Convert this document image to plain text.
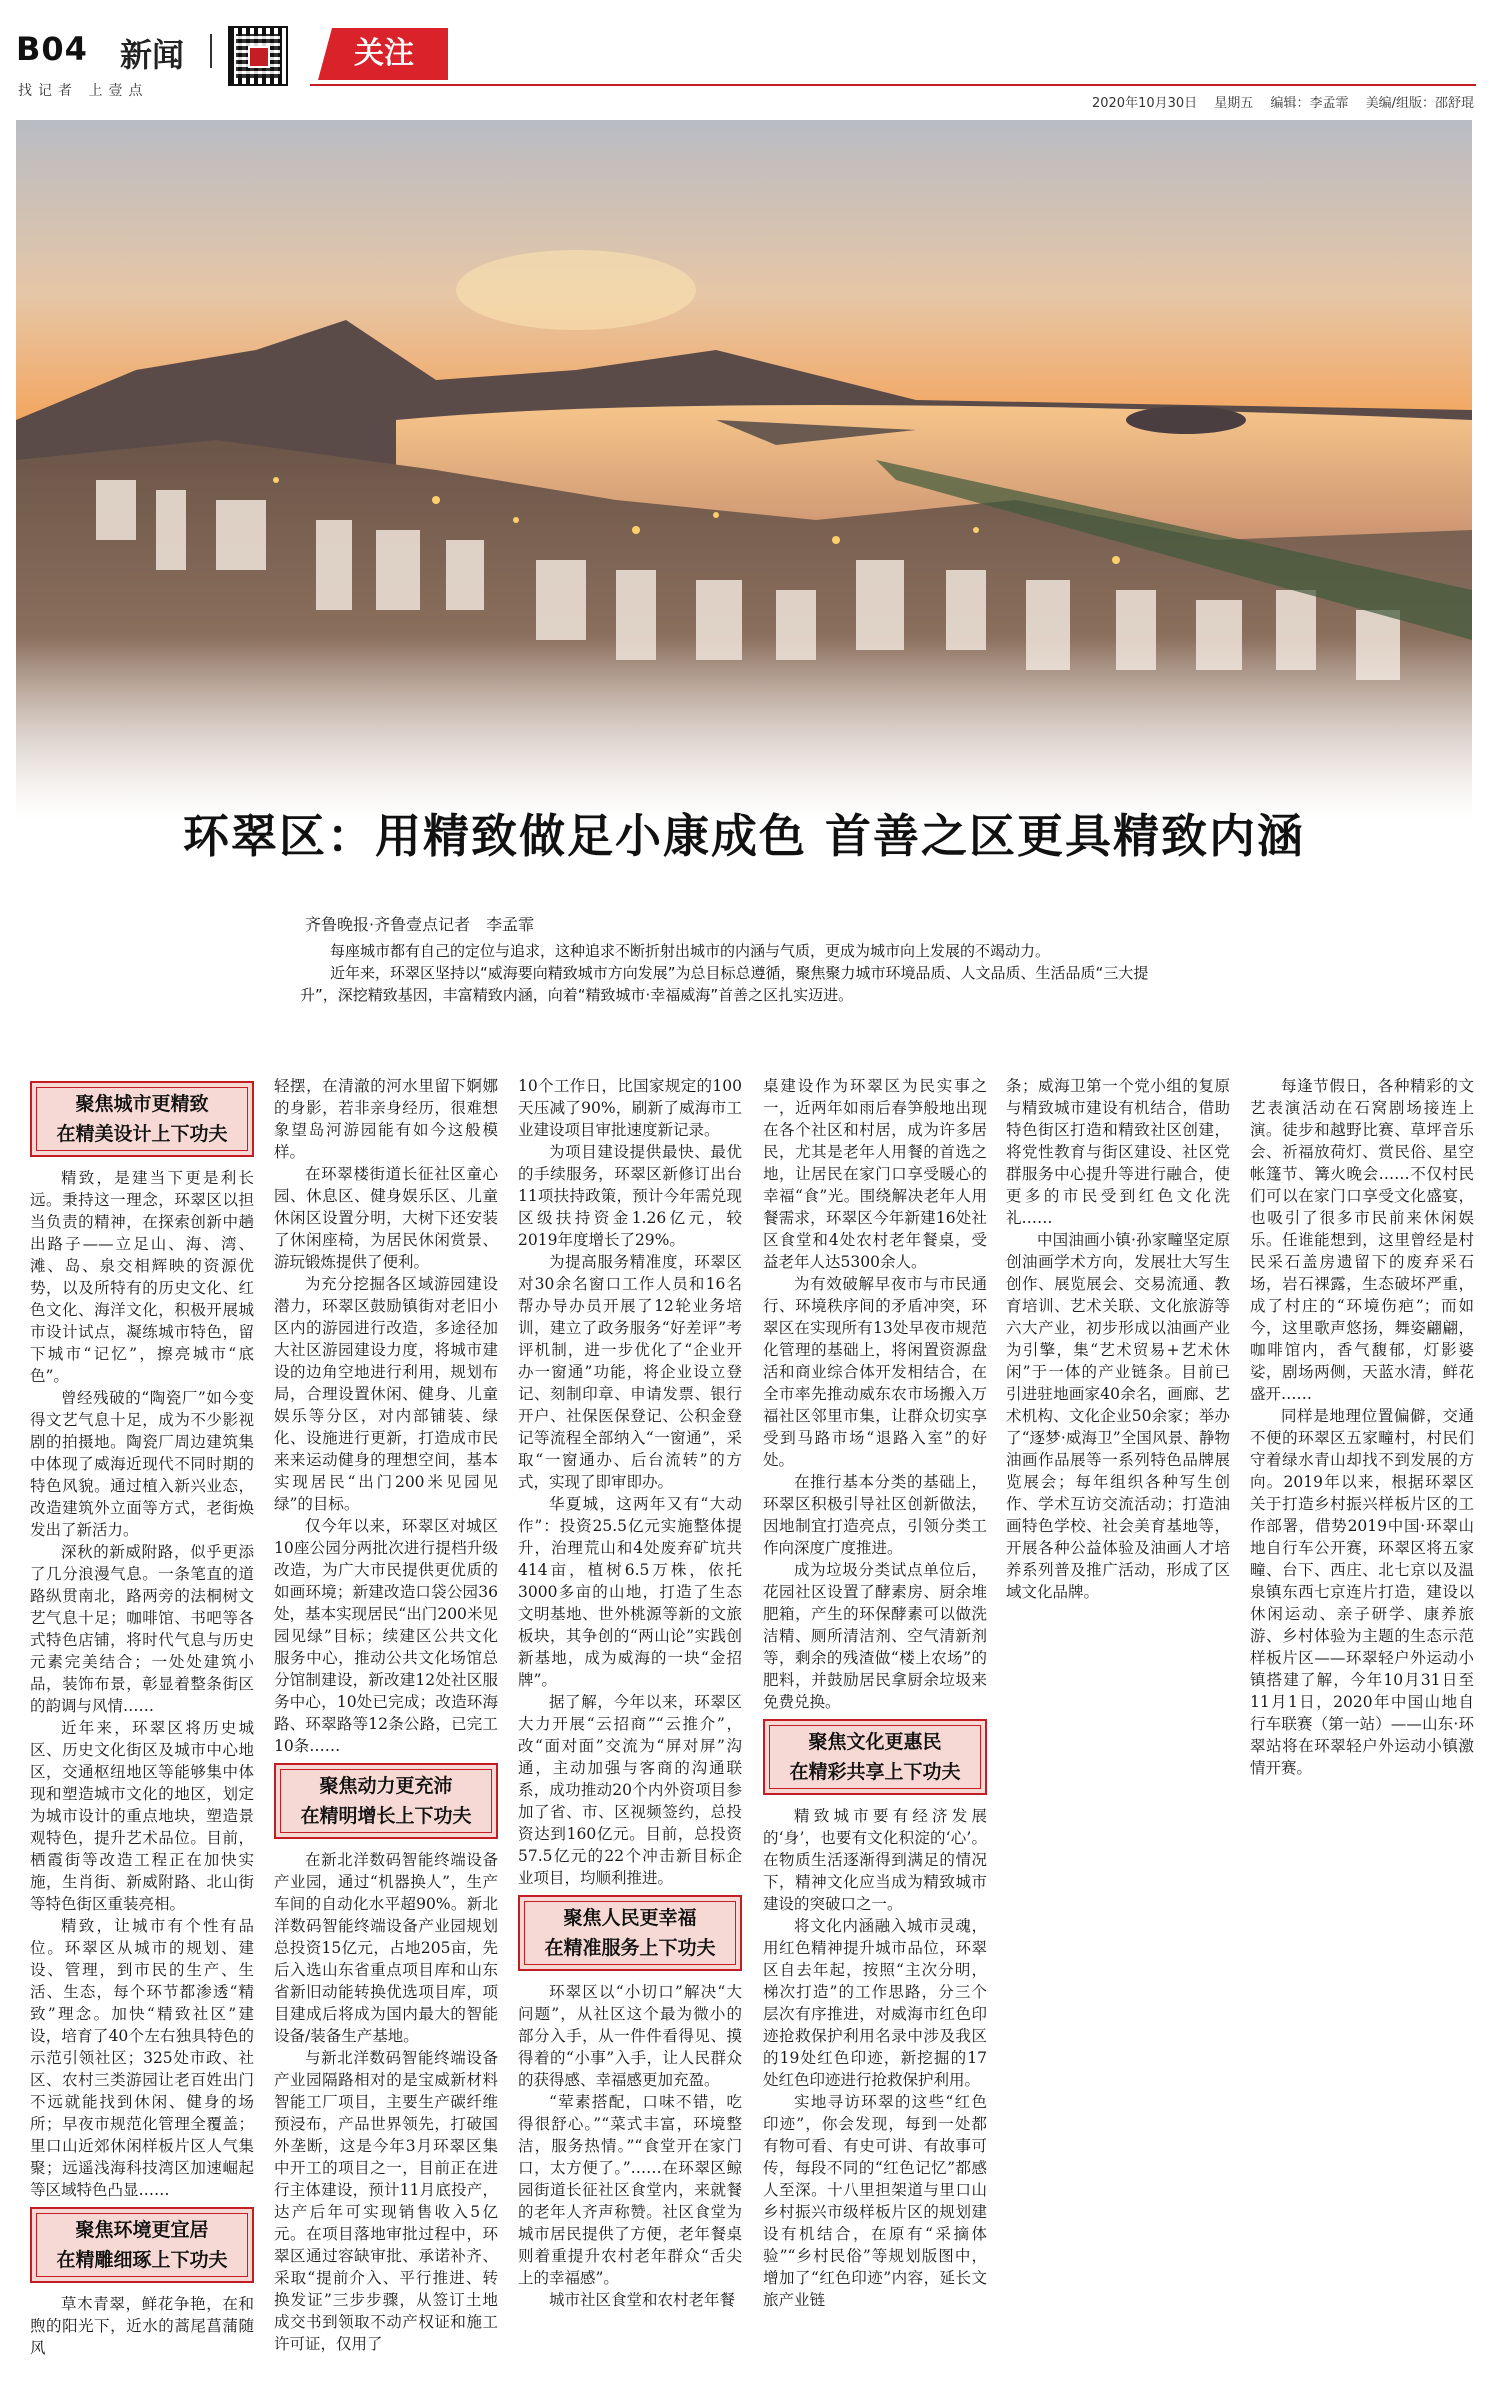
B04 新闻
找记者 上壹点
关注
2020年10月30日　 星期五　 编辑：李孟霏　 美编/组版：邵舒琨
环翠区：用精致做足小康成色 首善之区更具精致内涵
齐鲁晚报·齐鲁壹点记者　李孟霏

每座城市都有自己的定位与追求，这种追求不断折射出城市的内涵与气质，更成为城市向上发展的不竭动力。

近年来，环翠区坚持以“威海要向精致城市方向发展”为总目标总遵循，聚焦聚力城市环境品质、人文品质、生活品质“三大提升”，深挖精致基因，丰富精致内涵，向着“精致城市·幸福威海”首善之区扎实迈进。

聚焦城市更精致
在精美设计上下功夫

精致，是建当下更是利长远。秉持这一理念，环翠区以担当负责的精神，在探索创新中趟出路子——立足山、海、湾、滩、岛、泉交相辉映的资源优势，以及所特有的历史文化、红色文化、海洋文化，积极开展城市设计试点，凝练城市特色，留下城市“记忆”，擦亮城市“底色”。

曾经残破的“陶瓷厂”如今变得文艺气息十足，成为不少影视剧的拍摄地。陶瓷厂周边建筑集中体现了威海近现代不同时期的特色风貌。通过植入新兴业态，改造建筑外立面等方式，老街焕发出了新活力。

深秋的新威附路，似乎更添了几分浪漫气息。一条笔直的道路纵贯南北，路两旁的法桐树文艺气息十足；咖啡馆、书吧等各式特色店铺，将时代气息与历史元素完美结合；一处处建筑小品，装饰布景，彰显着整条街区的韵调与风情……

近年来，环翠区将历史城区、历史文化街区及城市中心地区，交通枢纽地区等能够集中体现和塑造城市文化的地区，划定为城市设计的重点地块，塑造景观特色，提升艺术品位。目前，栖霞街等改造工程正在加快实施，生肖街、新威附路、北山街等特色街区重装亮相。

精致，让城市有个性有品位。环翠区从城市的规划、建设、管理，到市民的生产、生活、生态，每个环节都渗透“精致”理念。加快“精致社区”建设，培育了40个左右独具特色的示范引领社区；325处市政、社区、农村三类游园让老百姓出门不远就能找到休闲、健身的场所；早夜市规范化管理全覆盖；里口山近郊休闲样板片区人气集聚；远遥浅海科技湾区加速崛起等区域特色凸显……

聚焦环境更宜居
在精雕细琢上下功夫

草木青翠，鲜花争艳，在和煦的阳光下，近水的蒿尾菖蒲随风

轻摆，在清澈的河水里留下婀娜的身影，若非亲身经历，很难想象望岛河游园能有如今这般模样。

在环翠楼街道长征社区童心园、休息区、健身娱乐区、儿童休闲区设置分明，大树下还安装了休闲座椅，为居民休闲赏景、游玩锻炼提供了便利。

为充分挖掘各区域游园建设潜力，环翠区鼓励镇街对老旧小区内的游园进行改造，多途径加大社区游园建设力度，将城市建设的边角空地进行利用，规划布局，合理设置休闲、健身、儿童娱乐等分区，对内部铺装、绿化、设施进行更新，打造成市民来来运动健身的理想空间，基本实现居民“出门200米见园见绿”的目标。

仅今年以来，环翠区对城区10座公园分两批次进行提档升级改造，为广大市民提供更优质的如画环境；新建改造口袋公园36处，基本实现居民“出门200米见园见绿”目标；续建区公共文化服务中心，推动公共文化场馆总分馆制建设，新改建12处社区服务中心，10处已完成；改造环海路、环翠路等12条公路，已完工10条……

聚焦动力更充沛
在精明增长上下功夫

在新北洋数码智能终端设备产业园，通过“机器换人”，生产车间的自动化水平超90%。新北洋数码智能终端设备产业园规划总投资15亿元，占地205亩，先后入选山东省重点项目库和山东省新旧动能转换优选项目库，项目建成后将成为国内最大的智能设备/装备生产基地。

与新北洋数码智能终端设备产业园隔路相对的是宝威新材料智能工厂项目，主要生产碳纤维预浸布，产品世界领先，打破国外垄断，这是今年3月环翠区集中开工的项目之一，目前正在进行主体建设，预计11月底投产，达产后年可实现销售收入5亿元。在项目落地审批过程中，环翠区通过容缺审批、承诺补齐、采取“提前介入、平行推进、转换发证”三步步骤，从签订土地成交书到领取不动产权证和施工许可证，仅用了

10个工作日，比国家规定的100天压减了90%，刷新了威海市工业建设项目审批速度新记录。

为项目建设提供最快、最优的手续服务，环翠区新修订出台11项扶持政策，预计今年需兑现区级扶持资金1.26亿元，较2019年度增长了29%。

为提高服务精准度，环翠区对30余名窗口工作人员和16名帮办导办员开展了12轮业务培训，建立了政务服务“好差评”考评机制，进一步优化了“企业开办一窗通”功能，将企业设立登记、刻制印章、申请发票、银行开户、社保医保登记、公积金登记等流程全部纳入“一窗通”，采取“一窗通办、后台流转”的方式，实现了即审即办。

华夏城，这两年又有“大动作”：投资25.5亿元实施整体提升，治理荒山和4处废弃矿坑共414亩，植树6.5万株，依托3000多亩的山地，打造了生态文明基地、世外桃源等新的文旅板块，其争创的“两山论”实践创新基地，成为威海的一块“金招牌”。

据了解，今年以来，环翠区大力开展“云招商”“云推介”，改“面对面”交流为“屏对屏”沟通，主动加强与客商的沟通联系，成功推动20个内外资项目参加了省、市、区视频签约，总投资达到160亿元。目前，总投资57.5亿元的22个冲击新目标企业项目，均顺利推进。

聚焦人民更幸福
在精准服务上下功夫

环翠区以“小切口”解决“大问题”，从社区这个最为微小的部分入手，从一件件看得见、摸得着的“小事”入手，让人民群众的获得感、幸福感更加充盈。

“荤素搭配，口味不错，吃得很舒心。”“菜式丰富，环境整洁，服务热情。”“食堂开在家门口，太方便了。”……在环翠区鲸园街道长征社区食堂内，来就餐的老年人齐声称赞。社区食堂为城市居民提供了方便，老年餐桌则着重提升农村老年群众“舌尖上的幸福感”。

城市社区食堂和农村老年餐

桌建设作为环翠区为民实事之一，近两年如雨后春笋般地出现在各个社区和村居，成为许多居民，尤其是老年人用餐的首选之地，让居民在家门口享受暖心的幸福“食”光。围绕解决老年人用餐需求，环翠区今年新建16处社区食堂和4处农村老年餐桌，受益老年人达5300余人。

为有效破解早夜市与市民通行、环境秩序间的矛盾冲突，环翠区在实现所有13处早夜市规范化管理的基础上，将闲置资源盘活和商业综合体开发相结合，在全市率先推动威东农市场搬入万福社区邻里市集，让群众切实享受到马路市场“退路入室”的好处。

在推行基本分类的基础上，环翠区积极引导社区创新做法，因地制宜打造亮点，引领分类工作向深度广度推进。

成为垃圾分类试点单位后，花园社区设置了酵素房、厨余堆肥箱，产生的环保酵素可以做洗洁精、厕所清洁剂、空气清新剂等，剩余的残渣做“楼上农场”的肥料，并鼓励居民拿厨余垃圾来免费兑换。

聚焦文化更惠民
在精彩共享上下功夫

精致城市要有经济发展的‘身’，也要有文化积淀的‘心’。在物质生活逐渐得到满足的情况下，精神文化应当成为精致城市建设的突破口之一。

将文化内涵融入城市灵魂，用红色精神提升城市品位，环翠区自去年起，按照“主次分明，梯次打造”的工作思路，分三个层次有序推进，对威海市红色印迹抢救保护利用名录中涉及我区的19处红色印迹，新挖掘的17处红色印迹进行抢救保护利用。

实地寻访环翠的这些“红色印迹”，你会发现，每到一处都有物可看、有史可讲、有故事可传，每段不同的“红色记忆”都感人至深。十八里担架道与里口山乡村振兴市级样板片区的规划建设有机结合，在原有“采摘体验”“乡村民俗”等规划版图中，增加了“红色印迹”内容，延长文旅产业链

条；威海卫第一个党小组的复原与精致城市建设有机结合，借助特色街区打造和精致社区创建，将党性教育与街区建设、社区党群服务中心提升等进行融合，使更多的市民受到红色文化洗礼……

中国油画小镇·孙家疃坚定原创油画学术方向，发展壮大写生创作、展览展会、交易流通、教育培训、艺术关联、文化旅游等六大产业，初步形成以油画产业为引擎，集“艺术贸易+艺术休闲”于一体的产业链条。目前已引进驻地画家40余名，画廊、艺术机构、文化企业50余家；举办了“逐梦·威海卫”全国风景、静物油画作品展等一系列特色品牌展览展会；每年组织各种写生创作、学术互访交流活动；打造油画特色学校、社会美育基地等，开展各种公益体验及油画人才培养系列普及推广活动，形成了区域文化品牌。

每逢节假日，各种精彩的文艺表演活动在石窝剧场接连上演。徒步和越野比赛、草坪音乐会、祈福放荷灯、赏民俗、星空帐篷节、篝火晚会……不仅村民们可以在家门口享受文化盛宴，也吸引了很多市民前来休闲娱乐。任谁能想到，这里曾经是村民采石盖房遗留下的废弃采石场，岩石裸露，生态破坏严重，成了村庄的“环境伤疤”；而如今，这里歌声悠扬，舞姿翩翩，咖啡馆内，香气馥郁，灯影婆娑，剧场两侧，天蓝水清，鲜花盛开……

同样是地理位置偏僻，交通不便的环翠区五家疃村，村民们守着绿水青山却找不到发展的方向。2019年以来，根据环翠区关于打造乡村振兴样板片区的工作部署，借势2019中国·环翠山地自行车公开赛，环翠区将五家疃、台下、西庄、北七京以及温泉镇东西七京连片打造，建设以休闲运动、亲子研学、康养旅游、乡村体验为主题的生态示范样板片区——环翠轻户外运动小镇搭建了解，今年10月31日至11月1日，2020年中国山地自行车联赛（第一站）——山东·环翠站将在环翠轻户外运动小镇激情开赛。
